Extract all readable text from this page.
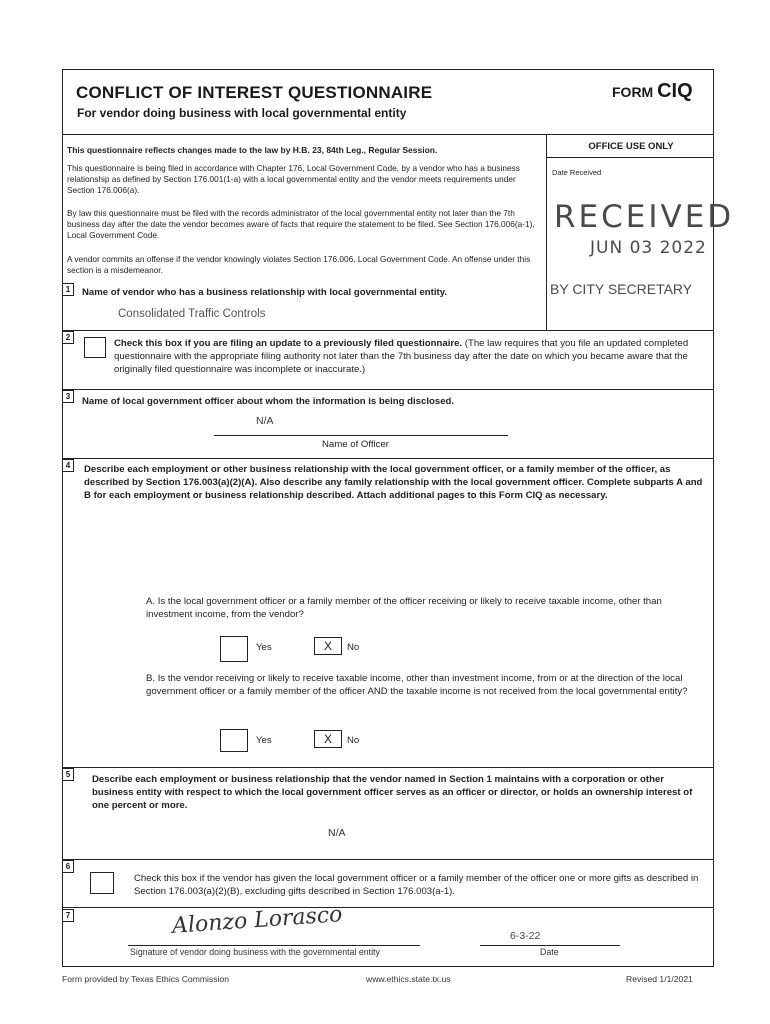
CONFLICT OF INTEREST QUESTIONNAIRE
For vendor doing business with local governmental entity
FORM CIQ
This questionnaire reflects changes made to the law by H.B. 23, 84th Leg., Regular Session.
This questionnaire is being filed in accordance with Chapter 176, Local Government Code, by a vendor who has a business relationship as defined by Section 176.001(1-a) with a local governmental entity and the vendor meets requirements under Section 176.006(a).
By law this questionnaire must be filed with the records administrator of the local governmental entity not later than the 7th business day after the date the vendor becomes aware of facts that require the statement to be filed. See Section 176.006(a-1), Local Government Code.
A vendor commits an offense if the vendor knowingly violates Section 176.006, Local Government Code. An offense under this section is a misdemeanor.
OFFICE USE ONLY
Date Received
RECEIVED
JUN 03 2022
BY CITY SECRETARY
1	Name of vendor who has a business relationship with local governmental entity.
Consolidated Traffic Controls
2
Check this box if you are filing an update to a previously filed questionnaire. (The law requires that you file an updated completed questionnaire with the appropriate filing authority not later than the 7th business day after the date on which you became aware that the originally filed questionnaire was incomplete or inaccurate.)
3	Name of local government officer about whom the information is being disclosed.
N/A
Name of Officer
4	Describe each employment or other business relationship with the local government officer, or a family member of the officer, as described by Section 176.003(a)(2)(A). Also describe any family relationship with the local government officer. Complete subparts A and B for each employment or business relationship described. Attach additional pages to this Form CIQ as necessary.
A. Is the local government officer or a family member of the officer receiving or likely to receive taxable income, other than investment income, from the vendor?
Yes	X	No
B. Is the vendor receiving or likely to receive taxable income, other than investment income, from or at the direction of the local government officer or a family member of the officer AND the taxable income is not received from the local governmental entity?
Yes	X	No
5	Describe each employment or business relationship that the vendor named in Section 1 maintains with a corporation or other business entity with respect to which the local government officer serves as an officer or director, or holds an ownership interest of one percent or more.
N/A
6
Check this box if the vendor has given the local government officer or a family member of the officer one or more gifts as described in Section 176.003(a)(2)(B), excluding gifts described in Section 176.003(a-1).
7	Alonzo Lorasco
Signature of vendor doing business with the governmental entity
6-3-22
Date
Form provided by Texas Ethics Commission	www.ethics.state.tx.us	Revised 1/1/2021
